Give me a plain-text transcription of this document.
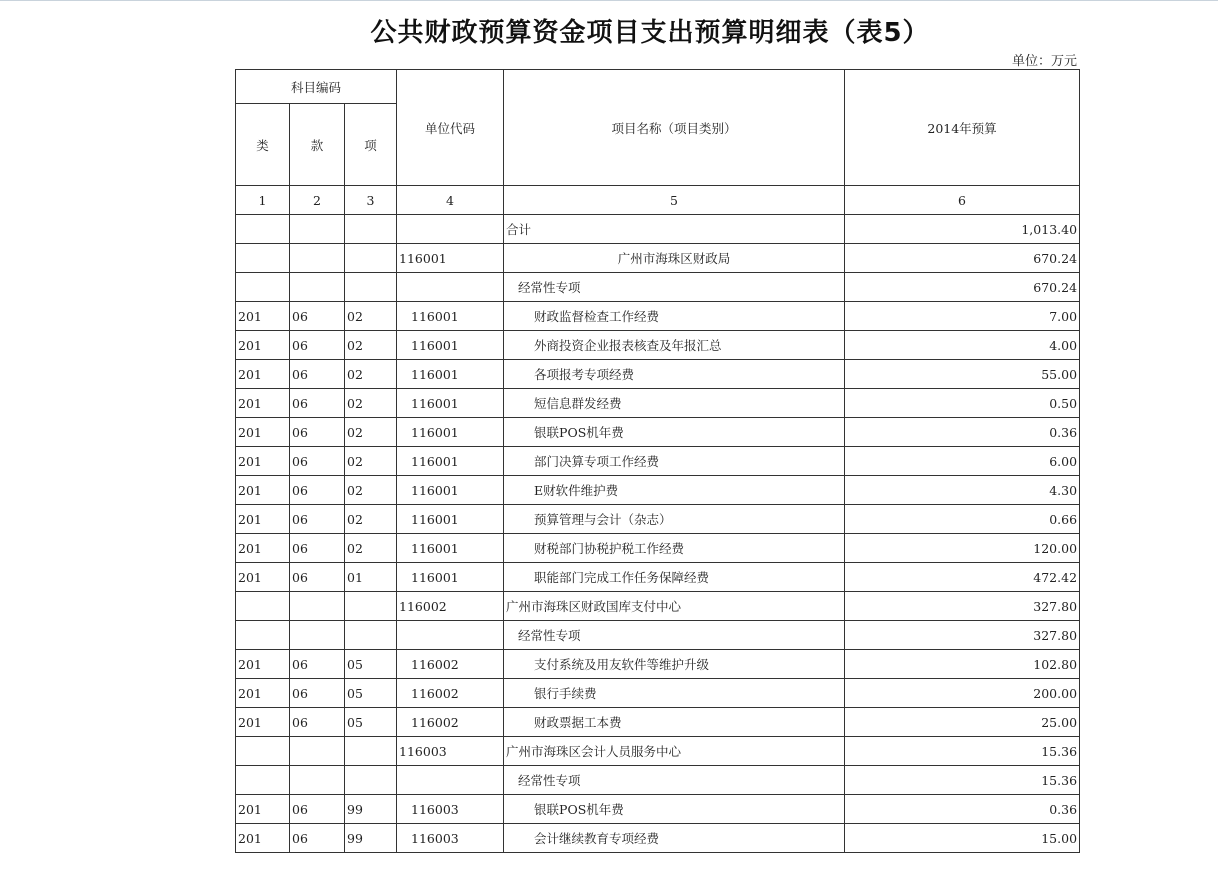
公共财政预算资金项目支出预算明细表（表5）
单位：万元
科目编码			单位代码	项目名称（项目类别）	2014年预算
类	款	项			
1	2	3	4	5	6
				合计	1,013.40
			116001	广州市海珠区财政局	670.24
				经常性专项	670.24
201	06	02	116001	财政监督检查工作经费	7.00
201	06	02	116001	外商投资企业报表核查及年报汇总	4.00
201	06	02	116001	各项报考专项经费	55.00
201	06	02	116001	短信息群发经费	0.50
201	06	02	116001	银联POS机年费	0.36
201	06	02	116001	部门决算专项工作经费	6.00
201	06	02	116001	E财软件维护费	4.30
201	06	02	116001	预算管理与会计（杂志）	0.66
201	06	02	116001	财税部门协税护税工作经费	120.00
201	06	01	116001	职能部门完成工作任务保障经费	472.42
			116002	广州市海珠区财政国库支付中心	327.80
				经常性专项	327.80
201	06	05	116002	支付系统及用友软件等维护升级	102.80
201	06	05	116002	银行手续费	200.00
201	06	05	116002	财政票据工本费	25.00
			116003	广州市海珠区会计人员服务中心	15.36
				经常性专项	15.36
201	06	99	116003	银联POS机年费	0.36
201	06	99	116003	会计继续教育专项经费	15.00
